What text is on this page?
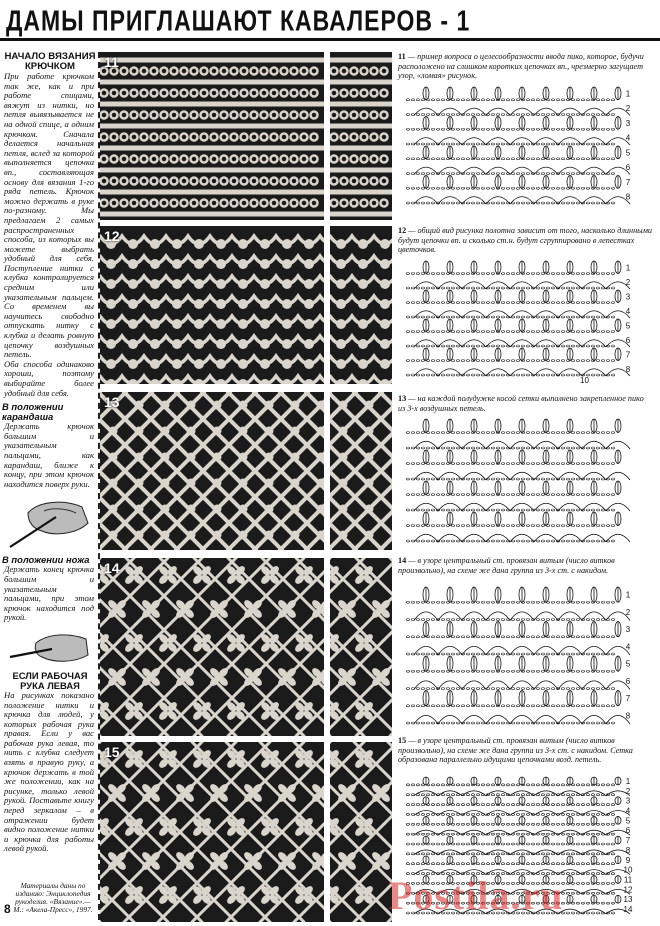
ДАМЫ ПРИГЛАШАЮТ КАВАЛЕРОВ - 1
НАЧАЛО ВЯЗАНИЯ КРЮЧКОМ

При работе крючком так же, как и при работе спицами, вяжут из нитки, но петля вывязывается не на одной спице, а одним крючком. Сначала делается начальная петля, вслед за которой выполняется цепочка вп., составляющая основу для вязания 1-го ряда петель. Крючок можно держать в руке по-разному. Мы предлагаем 2 самых распространенных способа, из которых вы можете выбрать удобный для себя. Поступление нитки с клубка контролируется средним или указательным пальцем. Со временем вы научитесь свободно отпускать нитку с клубка и делать ровную цепочку воздушных петель.

Оба способа одинаково хороши, поэтому выбирайте более удобный для себя.

В положении карандаша

Держать крючок большим и указательным пальцами, как карандаш, ближе к концу, при этом крючок находится поверх руки.

В положении ножа

Держать конец крючка большим и указательным пальцами, при этом крючок находится под рукой.

ЕСЛИ РАБОЧАЯ РУКА ЛЕВАЯ

На рисунках показано положение нитки и крючка для людей, у которых рабочая рука правая. Если у вас рабочая рука левая, то нить с клубка следует взять в правую руку, а крючок держать в той же положении, как на рисунке, только левой рукой. Поставьте книгу перед зеркалом – в отражении будет видно положение нитки и крючка для работы левой рукой.

Материалы даны по изданию: Энциклопедия рукоделия. «Вязание».— М.: «Акела-Пресс», 1997.
8
11
12
13
14
15
11 — пример вопроса о целесообразности ввода пико, которое, будучи расположено на слишком коротких цепочках вп., чрезмерно загущает узор, «ломая» рисунок.
12 — общий вид рисунка полотна зависит от того, насколько длинными будут цепочки вп. и сколько ст.н. будут сгруппировано в лепестках цветочков.
13 — на каждой полудужке косой сетки выполнено закрепленное пико из 3-х воздушных петель.
14 — в узоре центральный ст. провязан витым (число витков произвольно), на схеме же дана группа из 3-х ст. с накидом.
15 — в узоре центральный ст. провязан витым (число витков произвольно), на схеме же дана группа из 3-х ст. с накидом. Сетка образована параллельно идущими цепочками возд. петель.
8
7
6
5
4
3
2
1
8
7
6
5
4
3
2
1
10
8
7
6
5
4
3
2
1
14
13
12
11
10
9
8
7
6
5
4
3
2
1
Postila.ru
